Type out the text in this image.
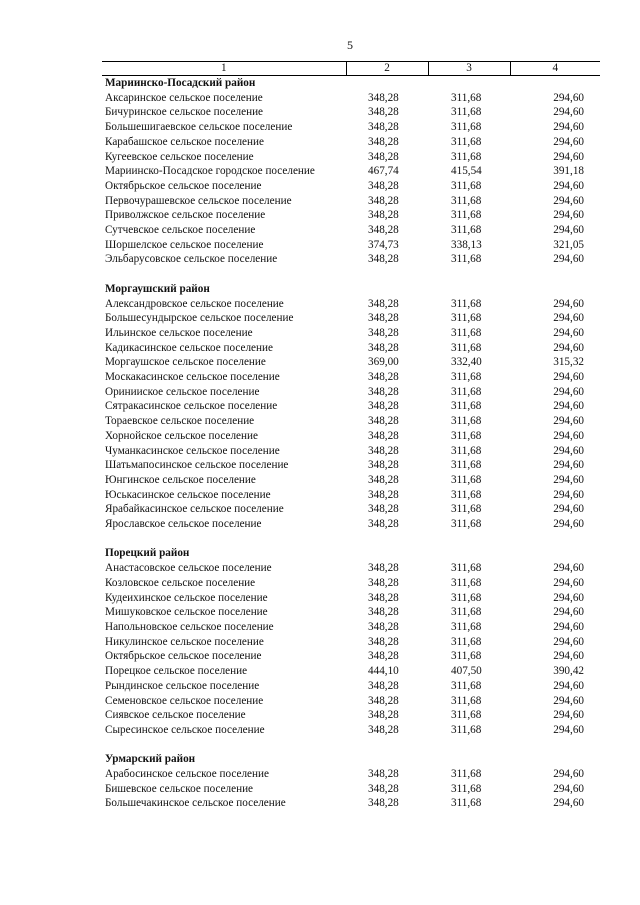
5
1	2	3	4
Мариинско-Посадский район			
Аксаринское сельское поселение	348,28	311,68	294,60
Бичуринское сельское поселение	348,28	311,68	294,60
Большешигаевское сельское поселение	348,28	311,68	294,60
Карабашское сельское поселение	348,28	311,68	294,60
Кугеевское сельское поселение	348,28	311,68	294,60
Мариинско-Посадское городское поселение	467,74	415,54	391,18
Октябрьское сельское поселение	348,28	311,68	294,60
Первочурашевское сельское поселение	348,28	311,68	294,60
Приволжское сельское поселение	348,28	311,68	294,60
Сутчевское сельское поселение	348,28	311,68	294,60
Шоршелское сельское поселение	374,73	338,13	321,05
Эльбарусовское сельское поселение	348,28	311,68	294,60

Моргаушский район			
Александровское сельское поселение	348,28	311,68	294,60
Большесундырское сельское поселение	348,28	311,68	294,60
Ильинское сельское поселение	348,28	311,68	294,60
Кадикасинское сельское поселение	348,28	311,68	294,60
Моргаушское сельское поселение	369,00	332,40	315,32
Москакасинское сельское поселение	348,28	311,68	294,60
Оринииское сельское поселение	348,28	311,68	294,60
Сятракасинское сельское поселение	348,28	311,68	294,60
Тораевское сельское поселение	348,28	311,68	294,60
Хорнойское сельское поселение	348,28	311,68	294,60
Чуманкасинское сельское поселение	348,28	311,68	294,60
Шатьмапосинское сельское поселение	348,28	311,68	294,60
Юнгинское сельское поселение	348,28	311,68	294,60
Юськасинское сельское поселение	348,28	311,68	294,60
Ярабайкасинское сельское поселение	348,28	311,68	294,60
Ярославское сельское поселение	348,28	311,68	294,60

Порецкий район			
Анастасовское сельское поселение	348,28	311,68	294,60
Козловское сельское поселение	348,28	311,68	294,60
Кудеихинское сельское поселение	348,28	311,68	294,60
Мишуковское сельское поселение	348,28	311,68	294,60
Напольновское сельское поселение	348,28	311,68	294,60
Никулинское сельское поселение	348,28	311,68	294,60
Октябрьское сельское поселение	348,28	311,68	294,60
Порецкое сельское поселение	444,10	407,50	390,42
Рындинское сельское поселение	348,28	311,68	294,60
Семеновское сельское поселение	348,28	311,68	294,60
Сиявское сельское поселение	348,28	311,68	294,60
Сыресинское сельское поселение	348,28	311,68	294,60

Урмарский район			
Арабосинское сельское поселение	348,28	311,68	294,60
Бишевское сельское поселение	348,28	311,68	294,60
Большечакинское сельское поселение	348,28	311,68	294,60
